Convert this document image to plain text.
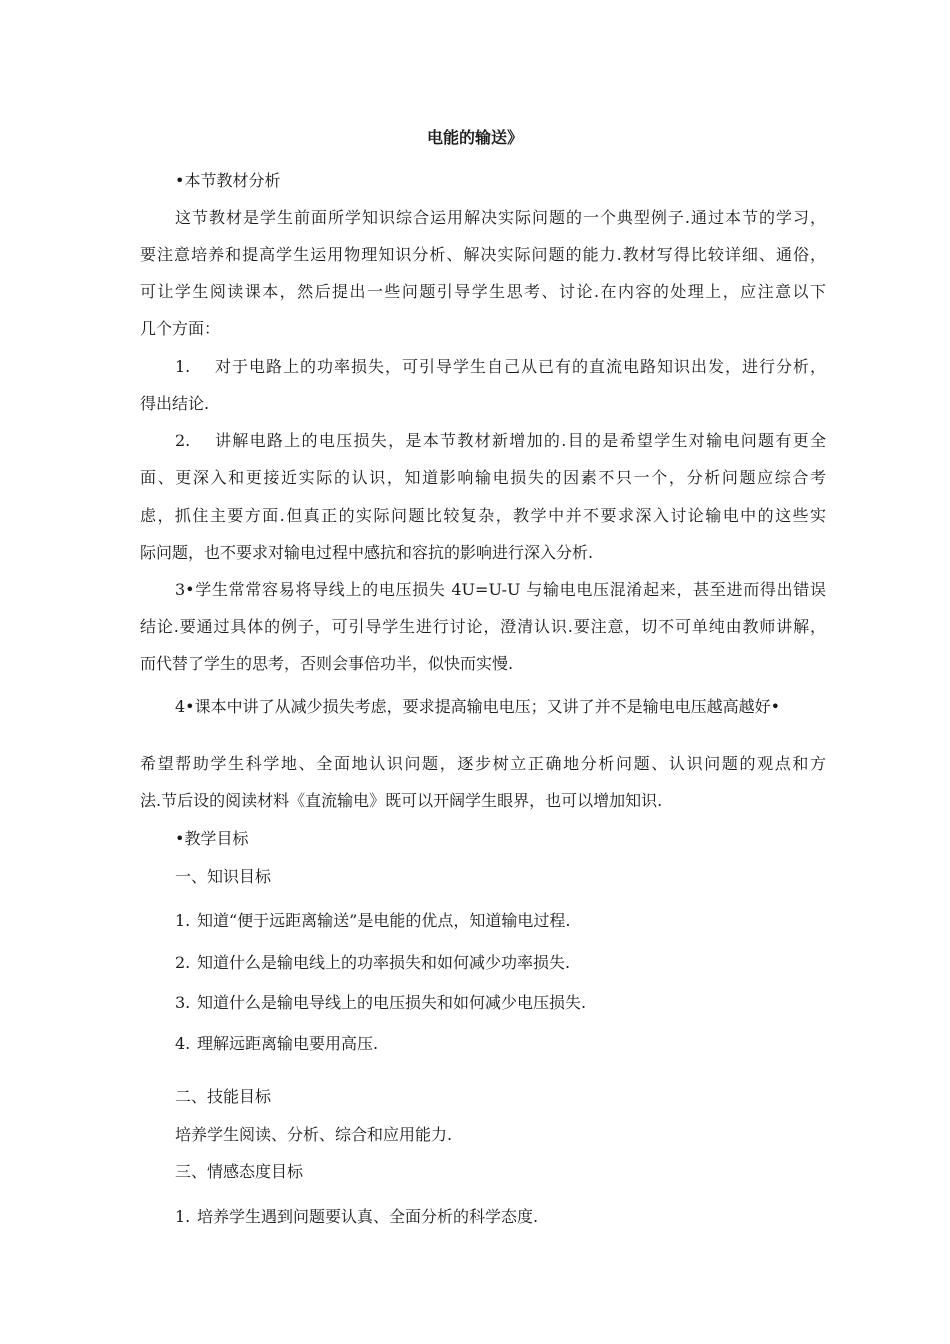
电能的输送》

•本节教材分析

这节教材是学生前面所学知识综合运用解决实际问题的一个典型例子.通过本节的学习，

要注意培养和提高学生运用物理知识分析、解决实际问题的能力.教材写得比较详细、通俗，

可让学生阅读课本，然后提出一些问题引导学生思考、讨论.在内容的处理上，应注意以下

几个方面：

1.	对于电路上的功率损失，可引导学生自己从已有的直流电路知识出发，进行分析，

得出结论.

2.	讲解电路上的电压损失，是本节教材新增加的.目的是希望学生对输电问题有更全

面、更深入和更接近实际的认识，知道影响输电损失的因素不只一个，分析问题应综合考

虑，抓住主要方面.但真正的实际问题比较复杂，教学中并不要求深入讨论输电中的这些实

际问题，也不要求对输电过程中感抗和容抗的影响进行深入分析.

3•学生常常容易将导线上的电压损失 4U=U-U 与输电电压混淆起来，甚至进而得出错误

结论.要通过具体的例子，可引导学生进行讨论，澄清认识.要注意，切不可单纯由教师讲解，

而代替了学生的思考，否则会事倍功半，似快而实慢.

4•课本中讲了从减少损失考虑，要求提高输电电压；又讲了并不是输电电压越高越好•

希望帮助学生科学地、全面地认识问题，逐步树立正确地分析问题、认识问题的观点和方

法.节后设的阅读材料《直流输电》既可以开阔学生眼界，也可以增加知识.

•教学目标

一、知识目标

1. 知道“便于远距离输送”是电能的优点，知道输电过程.

2. 知道什么是输电线上的功率损失和如何减少功率损失.

3. 知道什么是输电导线上的电压损失和如何减少电压损失.

4. 理解远距离输电要用高压.

二、技能目标

培养学生阅读、分析、综合和应用能力.

三、情感态度目标

1. 培养学生遇到问题要认真、全面分析的科学态度.
